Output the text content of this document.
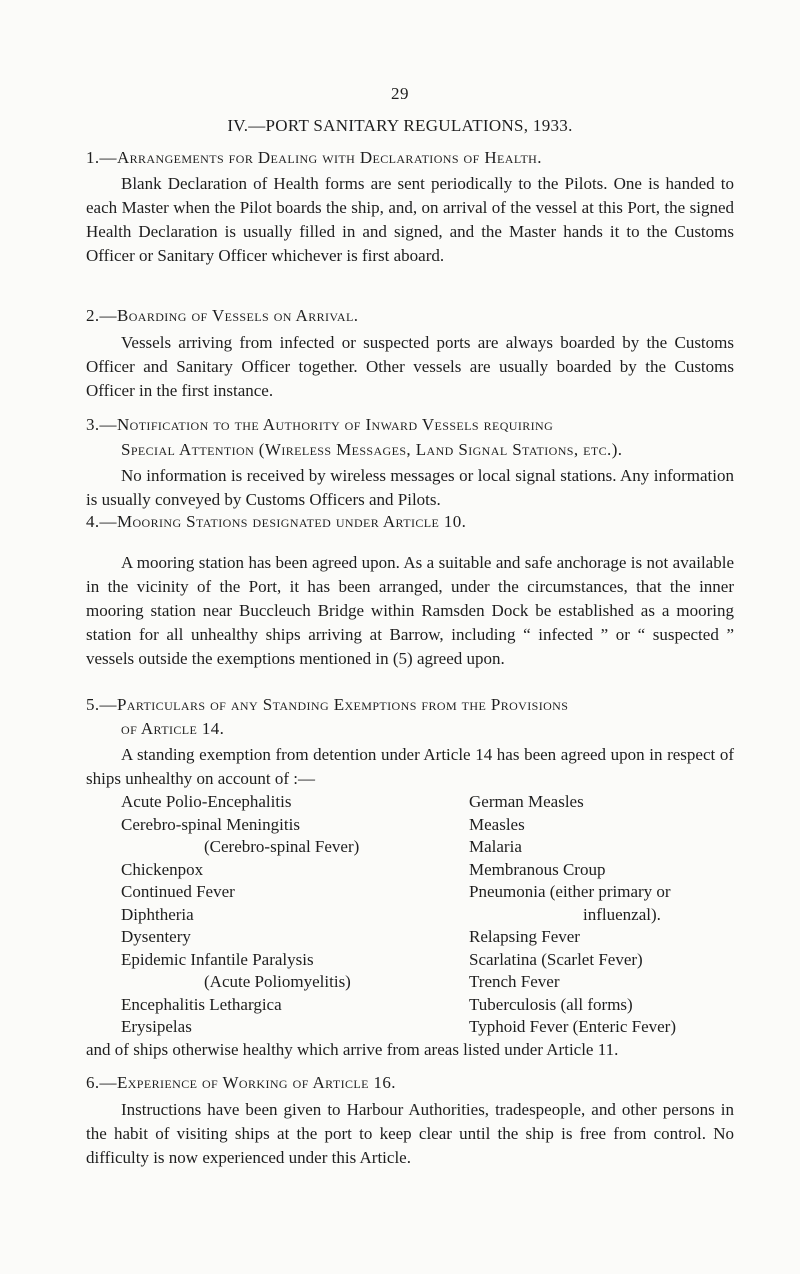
29
IV.—PORT SANITARY REGULATIONS, 1933.
1.—Arrangements for Dealing with Declarations of Health.
Blank Declaration of Health forms are sent periodically to the Pilots. One is handed to each Master when the Pilot boards the ship, and, on arrival of the vessel at this Port, the signed Health Declaration is usually filled in and signed, and the Master hands it to the Customs Officer or Sanitary Officer whichever is first aboard.
2.—Boarding of Vessels on Arrival.
Vessels arriving from infected or suspected ports are always boarded by the Customs Officer and Sanitary Officer together. Other vessels are usually boarded by the Customs Officer in the first instance.
3.—Notification to the Authority of Inward Vessels requiring
Special Attention (Wireless Messages, Land Signal Stations, etc.).
No information is received by wireless messages or local signal stations. Any information is usually conveyed by Customs Officers and Pilots.
4.—Mooring Stations designated under Article 10.
A mooring station has been agreed upon. As a suitable and safe anchorage is not available in the vicinity of the Port, it has been arranged, under the circumstances, that the inner mooring station near Buccleuch Bridge within Ramsden Dock be established as a mooring station for all unhealthy ships arriving at Barrow, including “ infected ” or “ suspected ” vessels outside the exemptions mentioned in (5) agreed upon.
5.—Particulars of any Standing Exemptions from the Provisions
of Article 14.
A standing exemption from detention under Article 14 has been agreed upon in respect of ships unhealthy on account of :—
Acute Polio-Encephalitis
Cerebro-spinal Meningitis
(Cerebro-spinal Fever)
Chickenpox
Continued Fever
Diphtheria
Dysentery
Epidemic Infantile Paralysis
(Acute Poliomyelitis)
Encephalitis Lethargica
Erysipelas
German Measles
Measles
Malaria
Membranous Croup
Pneumonia (either primary or
influenzal).
Relapsing Fever
Scarlatina (Scarlet Fever)
Trench Fever
Tuberculosis (all forms)
Typhoid Fever (Enteric Fever)
and of ships otherwise healthy which arrive from areas listed under Article 11.
6.—Experience of Working of Article 16.
Instructions have been given to Harbour Authorities, tradespeople, and other persons in the habit of visiting ships at the port to keep clear until the ship is free from control. No difficulty is now experienced under this Article.
